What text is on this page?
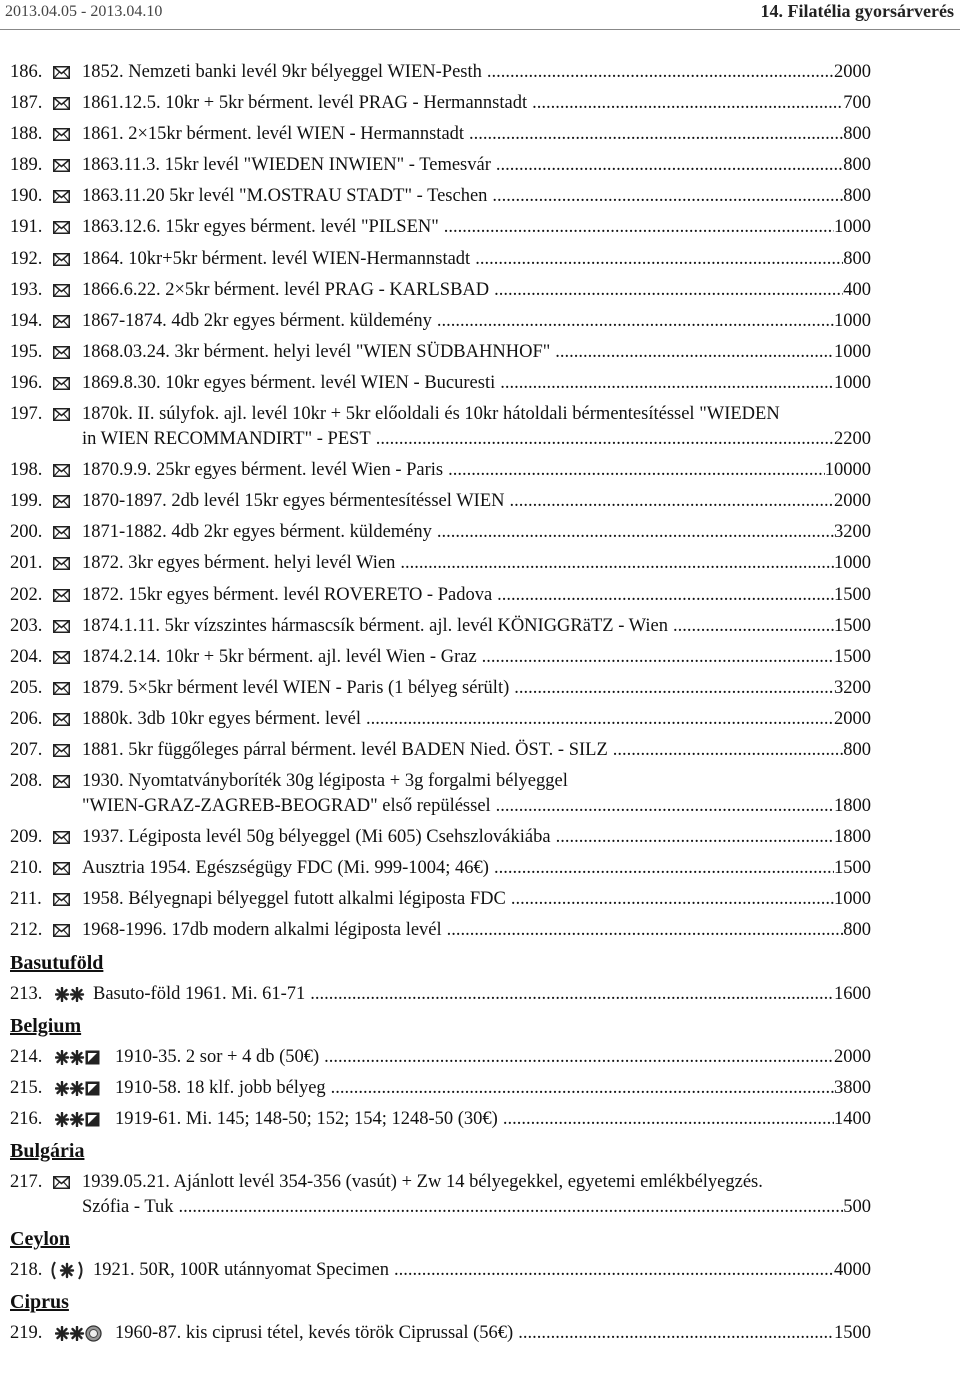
2013.04.05 - 2013.04.10	14. Filatélia gyorsárverés
186. 1852. Nemzeti banki levél 9kr bélyeggel WIEN-Pesth .....	2000
187. 1861.12.5. 10kr + 5kr bérment. levél PRAG - Hermannstadt .....	700
188. 1861. 2×15kr bérment. levél WIEN - Hermannstadt .....	800
189. 1863.11.3. 15kr levél "WIEDEN INWIEN" - Temesvár .....	800
190. 1863.11.20 5kr levél "M.OSTRAU STADT" - Teschen .....	800
191. 1863.12.6. 15kr egyes bérment. levél "PILSEN" .....	1000
192. 1864. 10kr+5kr bérment. levél WIEN-Hermannstadt .....	800
193. 1866.6.22. 2×5kr bérment. levél PRAG - KARLSBAD .....	400
194. 1867-1874. 4db 2kr egyes bérment. küldemény .....	1000
195. 1868.03.24. 3kr bérment. helyi levél "WIEN SÜDBAHNHOF" .....	1000
196. 1869.8.30. 10kr egyes bérment. levél WIEN - Bucuresti .....	1000
197. 1870k. II. súlyfok. ajl. levél 10kr + 5kr előoldali és 10kr hátoldali bérmentesítéssel "WIEDEN
in WIEN RECOMMANDIRT" - PEST .....	2200
198. 1870.9.9. 25kr egyes bérment. levél Wien - Paris .....	10000
199. 1870-1897. 2db levél 15kr egyes bérmentesítéssel WIEN .....	2000
200. 1871-1882. 4db 2kr egyes bérment. küldemény .....	3200
201. 1872. 3kr egyes bérment. helyi levél Wien .....	1000
202. 1872. 15kr egyes bérment. levél ROVERETO - Padova .....	1500
203. 1874.1.11. 5kr vízszintes hármascsík bérment. ajl. levél KÖNIGGRäTZ - Wien .....	1500
204. 1874.2.14. 10kr + 5kr bérment. ajl. levél Wien - Graz .....	1500
205. 1879. 5×5kr bérment levél WIEN - Paris (1 bélyeg sérült) .....	3200
206. 1880k. 3db 10kr egyes bérment. levél .....	2000
207. 1881. 5kr függőleges párral bérment. levél BADEN Nied. ÖST. - SILZ .....	800
208. 1930. Nyomtatványboríték 30g légiposta + 3g forgalmi bélyeggel
"WIEN-GRAZ-ZAGREB-BEOGRAD" első repüléssel .....	1800
209. 1937. Légiposta levél 50g bélyeggel (Mi 605) Csehszlovákiába .....	1800
210. Ausztria 1954. Egészségügy FDC (Mi. 999-1004; 46€) .....	1500
211. 1958. Bélyegnapi bélyeggel futott alkalmi légiposta FDC .....	1000
212. 1968-1996. 17db modern alkalmi légiposta levél .....	800
Basutuföld
213.	Basuto-föld 1961. Mi. 61-71 .....	1600
Belgium
214.	1910-35. 2 sor + 4 db (50€) .....	2000
215.	1910-58. 18 klf. jobb bélyeg .....	3800
216.	1919-61. Mi. 145; 148-50; 152; 154; 1248-50 (30€) .....	1400
Bulgária
217. 1939.05.21. Ajánlott levél 354-356 (vasút) + Zw 14 bélyegekkel, egyetemi emlékbélyegzés.
Szófia - Tuk .....	500
Ceylon
218.	1921. 50R, 100R utánnyomat Specimen .....	4000
Ciprus
219.	1960-87. kis ciprusi tétel, kevés török Ciprussal (56€) .....	1500
